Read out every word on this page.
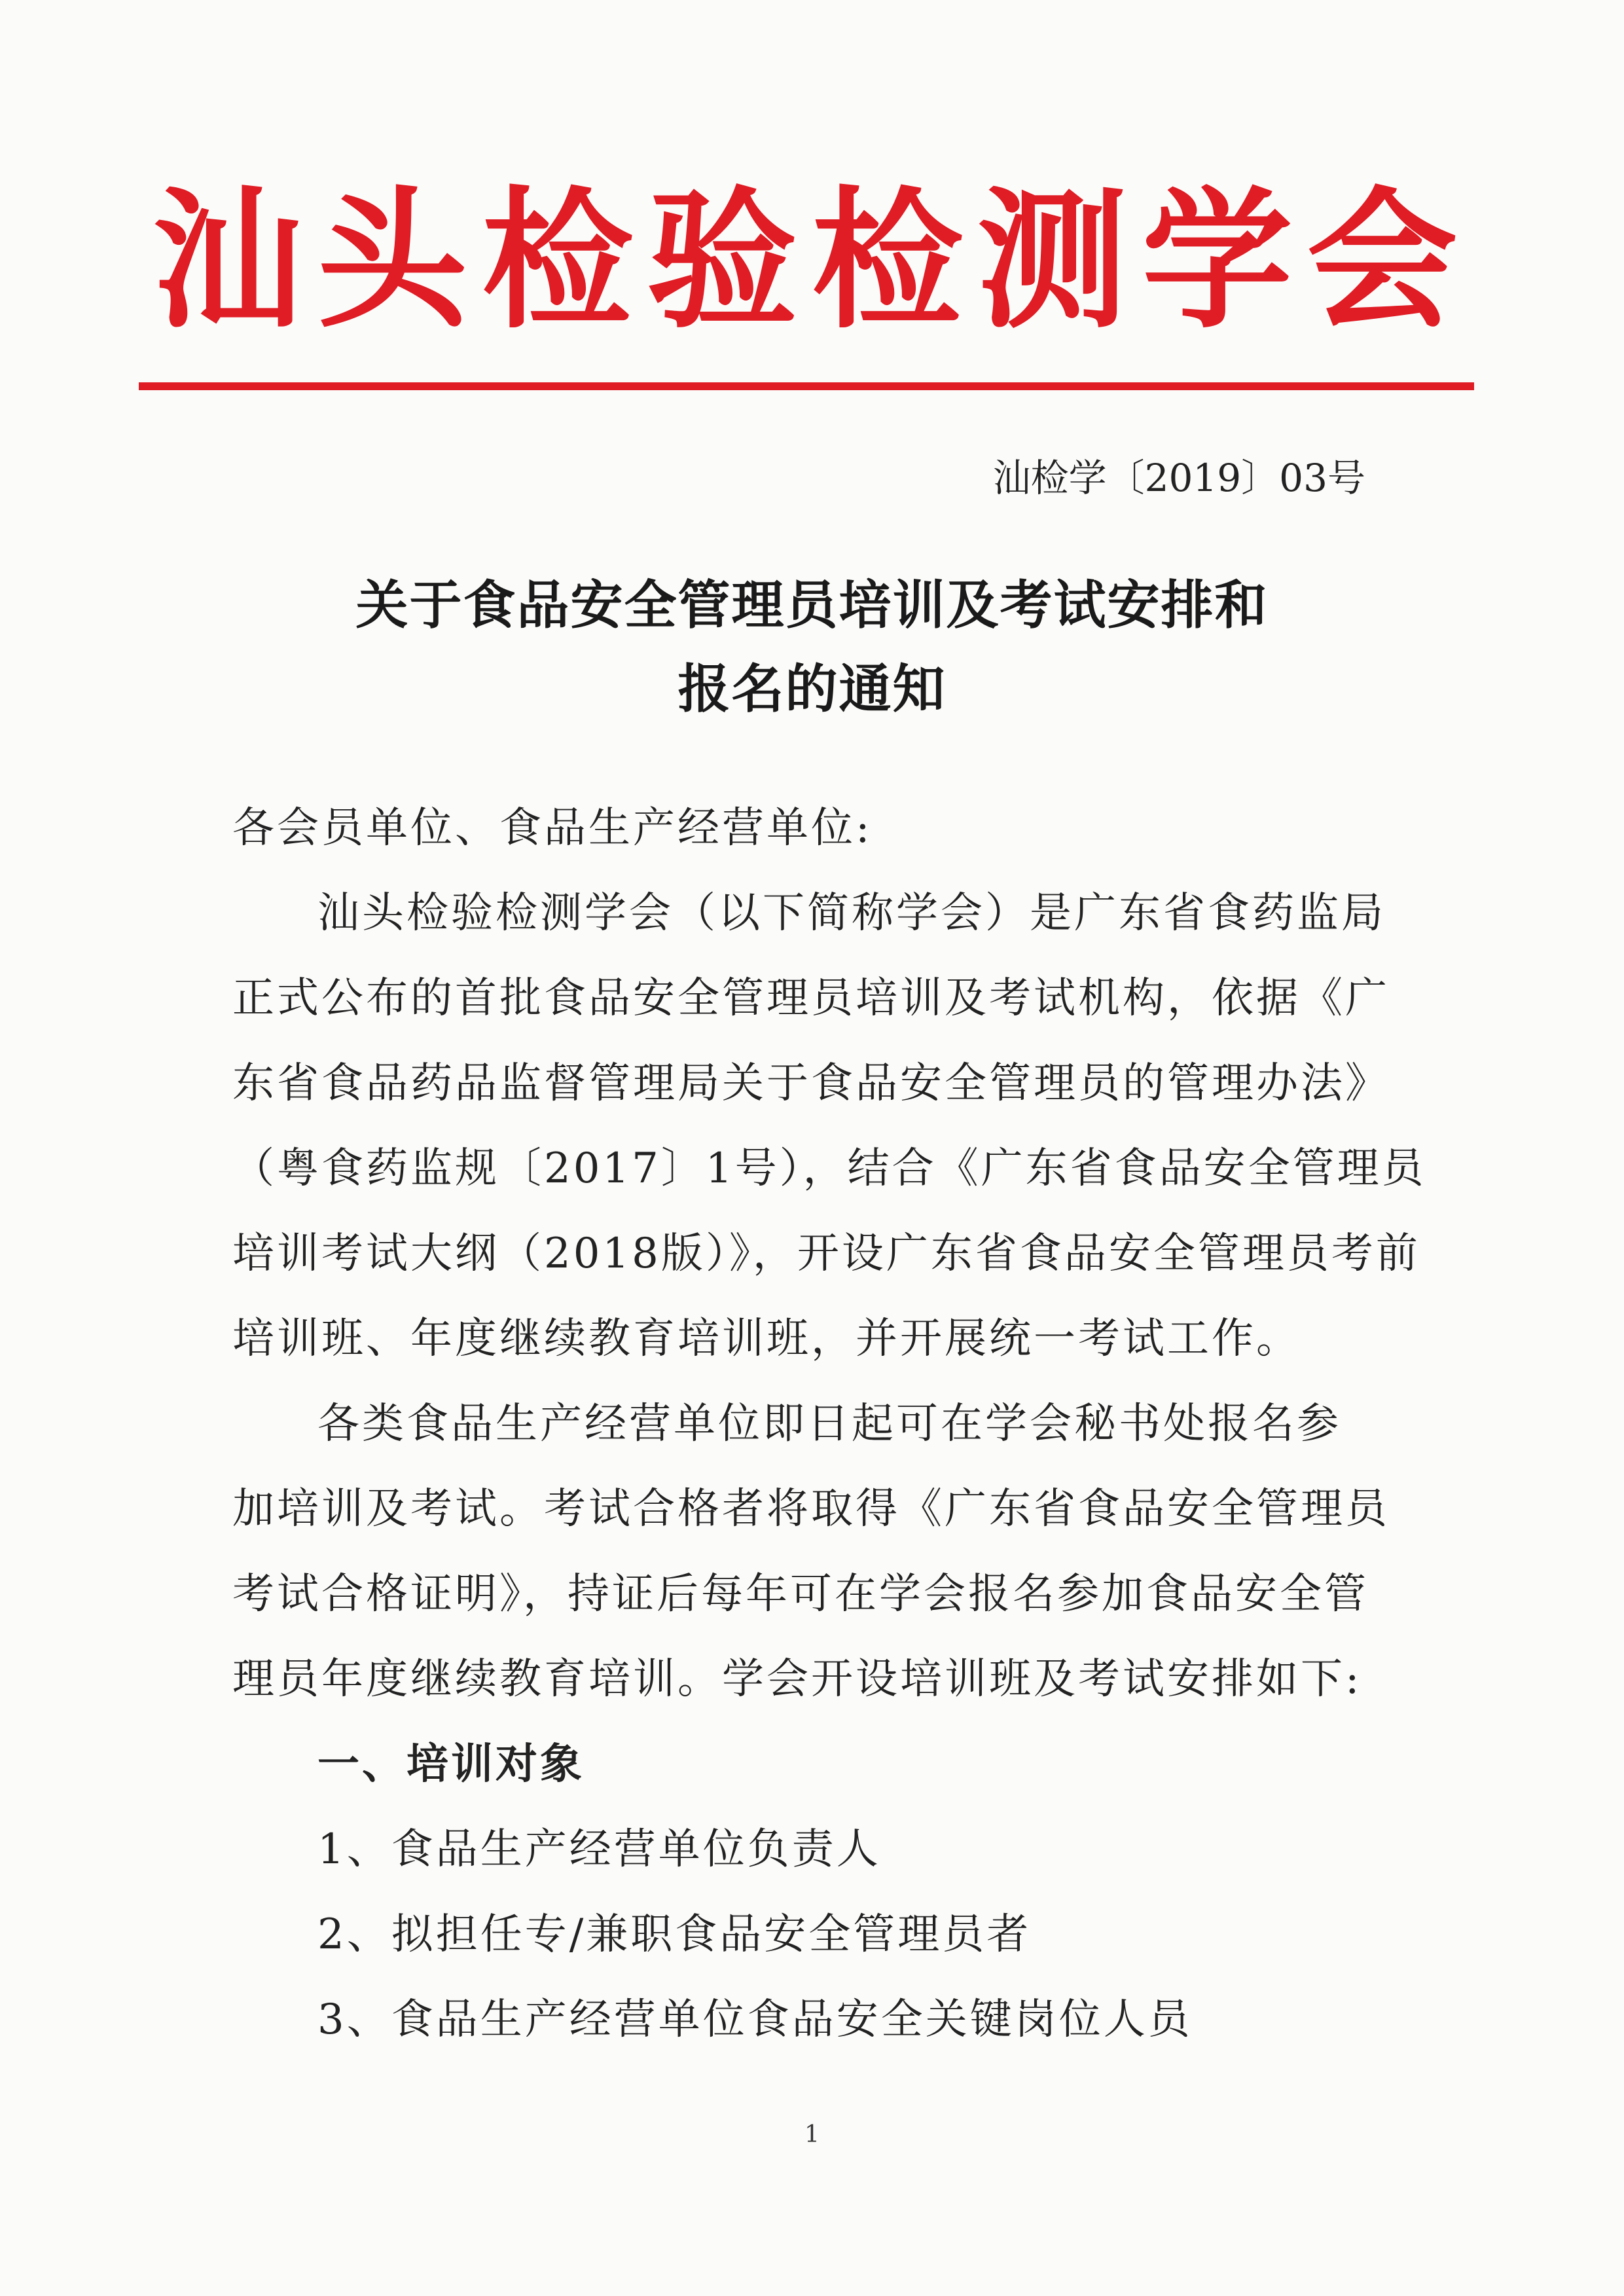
汕头检验检测学会
汕检学〔2019〕03号
关于食品安全管理员培训及考试安排和
报名的通知

各会员单位、食品生产经营单位:

汕头检验检测学会（以下简称学会）是广东省食药监局

正式公布的首批食品安全管理员培训及考试机构，依据《广

东省食品药品监督管理局关于食品安全管理员的管理办法》

（粤食药监规〔2017〕1号），结合《广东省食品安全管理员

培训考试大纲（2018版）》，开设广东省食品安全管理员考前

培训班、年度继续教育培训班，并开展统一考试工作。

各类食品生产经营单位即日起可在学会秘书处报名参

加培训及考试。考试合格者将取得《广东省食品安全管理员

考试合格证明》，持证后每年可在学会报名参加食品安全管

理员年度继续教育培训。学会开设培训班及考试安排如下:

一、培训对象

1、食品生产经营单位负责人

2、拟担任专/兼职食品安全管理员者

3、食品生产经营单位食品安全关键岗位人员

1
